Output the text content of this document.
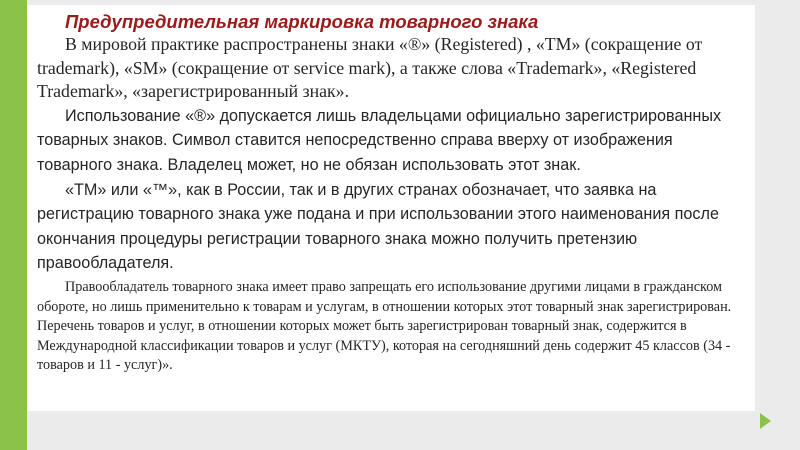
Предупредительная маркировка товарного знака

В мировой практике распространены знаки «®» (Registered) , «TM» (сокращение от trademark), «SM» (сокращение от service mark), а также слова «Trademark», «Registered Trademark», «зарегистрированный знак».

Использование «®» допускается лишь владельцами официально зарегистрированных товарных знаков. Символ ставится непосредственно справа вверху от изображения товарного знака. Владелец может, но не обязан использовать этот знак.

«ТМ» или «™», как в России, так и в других странах обозначает, что заявка на регистрацию товарного знака уже подана и при использовании этого наименования после окончания процедуры регистрации товарного знака можно получить претензию правообладателя.

Правообладатель товарного знака имеет право запрещать его использование другими лицами в гражданском обороте, но лишь применительно к товарам и услугам, в отношении которых этот товарный знак зарегистрирован. Перечень товаров и услуг, в отношении которых может быть зарегистрирован товарный знак, содержится в Международной классификации товаров и услуг (МКТУ), которая на сегодняшний день содержит 45 классов (34 - товаров и 11 - услуг)».
